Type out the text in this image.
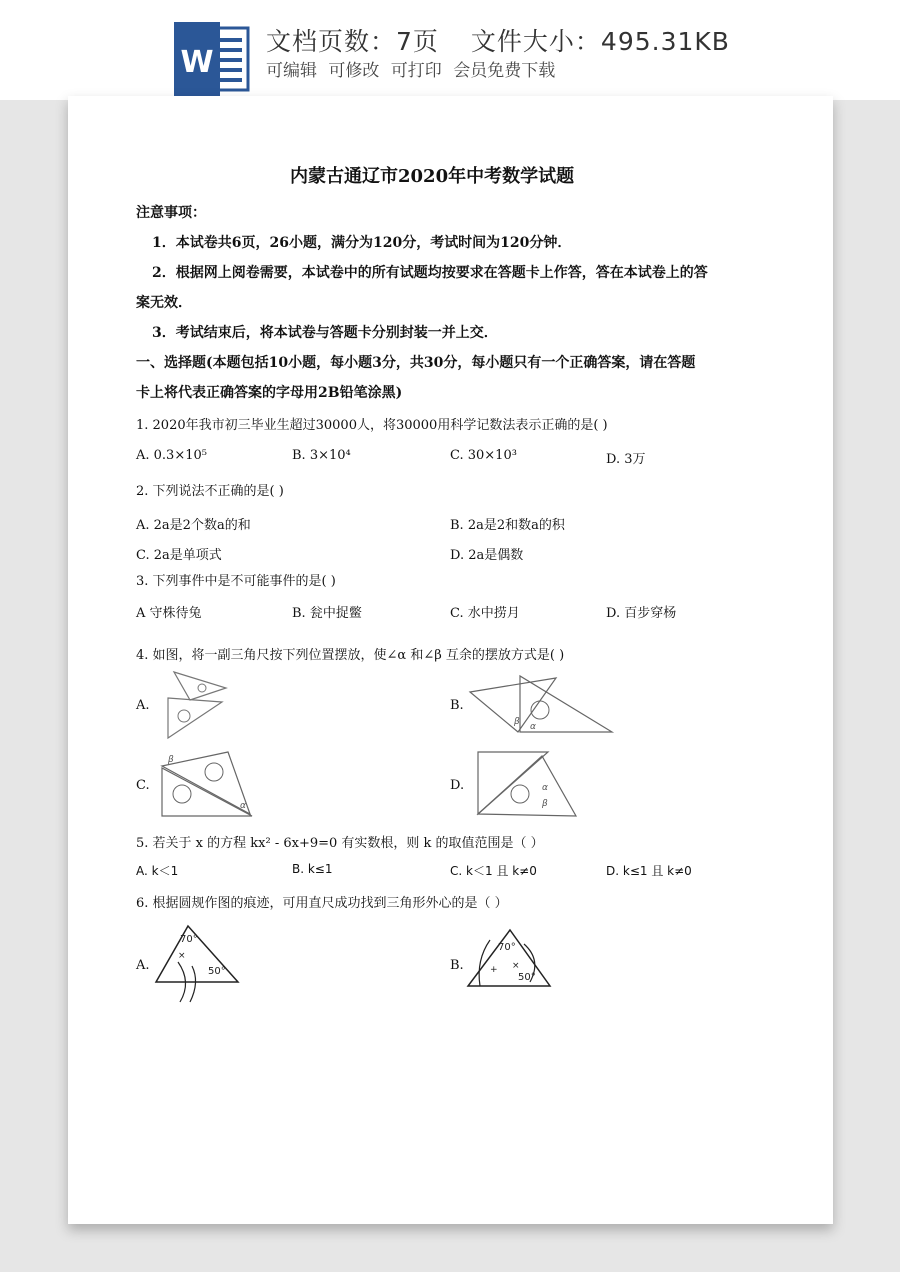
W
文档页数：7页 文件大小：495.31KB
可编辑 可修改 可打印 会员免费下载
内蒙古通辽市2020年中考数学试题
注意事项：
1．本试卷共6页，26小题，满分为120分，考试时间为120分钟．
2．根据网上阅卷需要，本试卷中的所有试题均按要求在答题卡上作答，答在本试卷上的答
案无效．
3．考试结束后，将本试卷与答题卡分别封装一并上交．
一、选择题(本题包括10小题，每小题3分，共30分，每小题只有一个正确答案，请在答题
卡上将代表正确答案的字母用2B铅笔涂黑)
1. 2020年我市初三毕业生超过30000人，将30000用科学记数法表示正确的是( )
A. 0.3×10⁵	B. 3×10⁴	C. 30×10³	D. 3万
2. 下列说法不正确的是( )
A. 2a是2个数a的和	B. 2a是2和数a的积
C. 2a是单项式	D. 2a是偶数
3. 下列事件中是不可能事件的是( )
A 守株待兔	B. 瓮中捉鳖	C. 水中捞月	D. 百步穿杨
4. 如图，将一副三角尺按下列位置摆放，使∠α 和∠β 互余的摆放方式是( )
A.	B.
β α
C.
β
α
D.	α
β
5. 若关于 x 的方程 kx² - 6x+9=0 有实数根，则 k 的取值范围是（ ）
A. k＜1	B. k≤1	C. k＜1 且 k≠0	D. k≤1 且 k≠0
6. 根据圆规作图的痕迹，可用直尺成功找到三角形外心的是（ ）
A.
×
70°
50°	B.	+ ×
70°
50°
